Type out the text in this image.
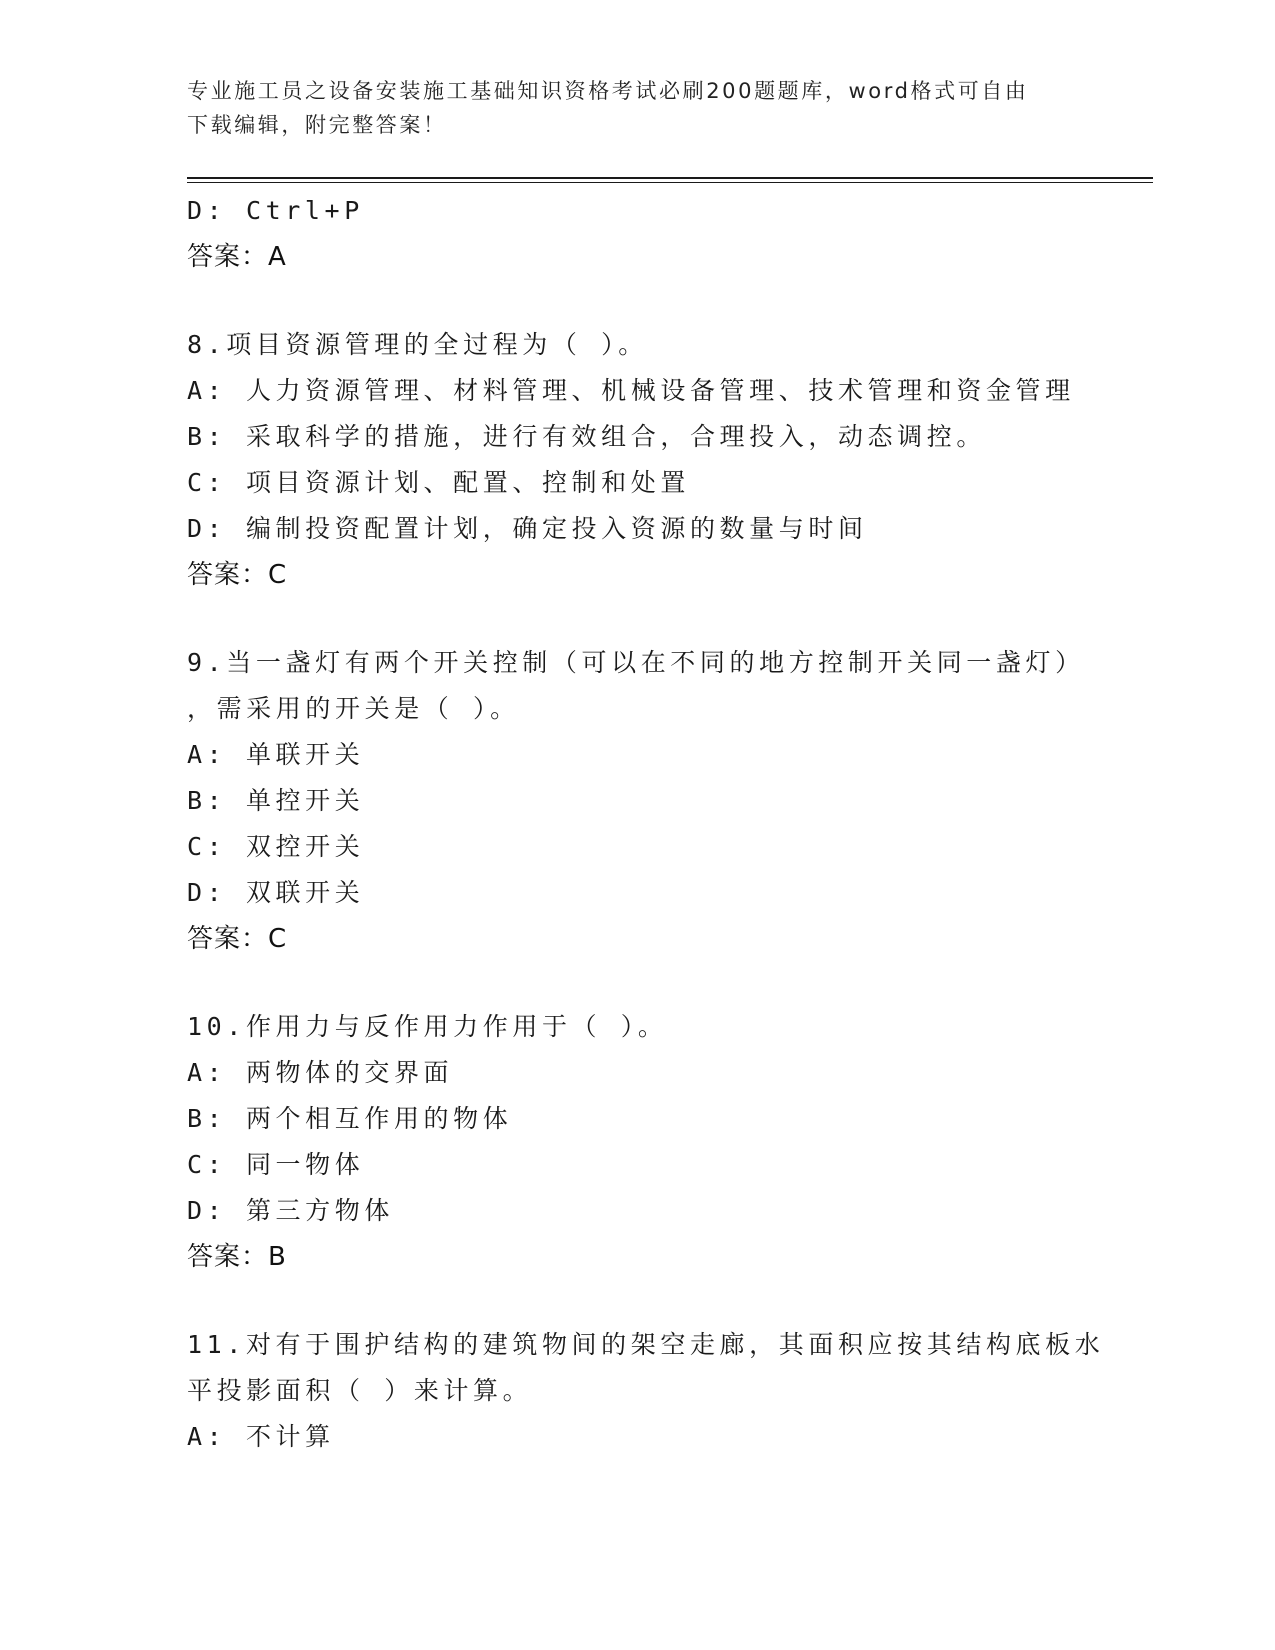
专业施工员之设备安装施工基础知识资格考试必刷200题题库，word格式可自由
下载编辑，附完整答案！
D: Ctrl+P
答案：A
8.项目资源管理的全过程为（ ）。
A: 人力资源管理、材料管理、机械设备管理、技术管理和资金管理
B: 采取科学的措施，进行有效组合，合理投入，动态调控。
C: 项目资源计划、配置、控制和处置
D: 编制投资配置计划，确定投入资源的数量与时间
答案：C
9.当一盏灯有两个开关控制（可以在不同的地方控制开关同一盏灯）
，需采用的开关是（ ）。
A: 单联开关
B: 单控开关
C: 双控开关
D: 双联开关
答案：C
10.作用力与反作用力作用于（ ）。
A: 两物体的交界面
B: 两个相互作用的物体
C: 同一物体
D: 第三方物体
答案：B
11.对有于围护结构的建筑物间的架空走廊，其面积应按其结构底板水
平投影面积（ ）来计算。
A: 不计算
